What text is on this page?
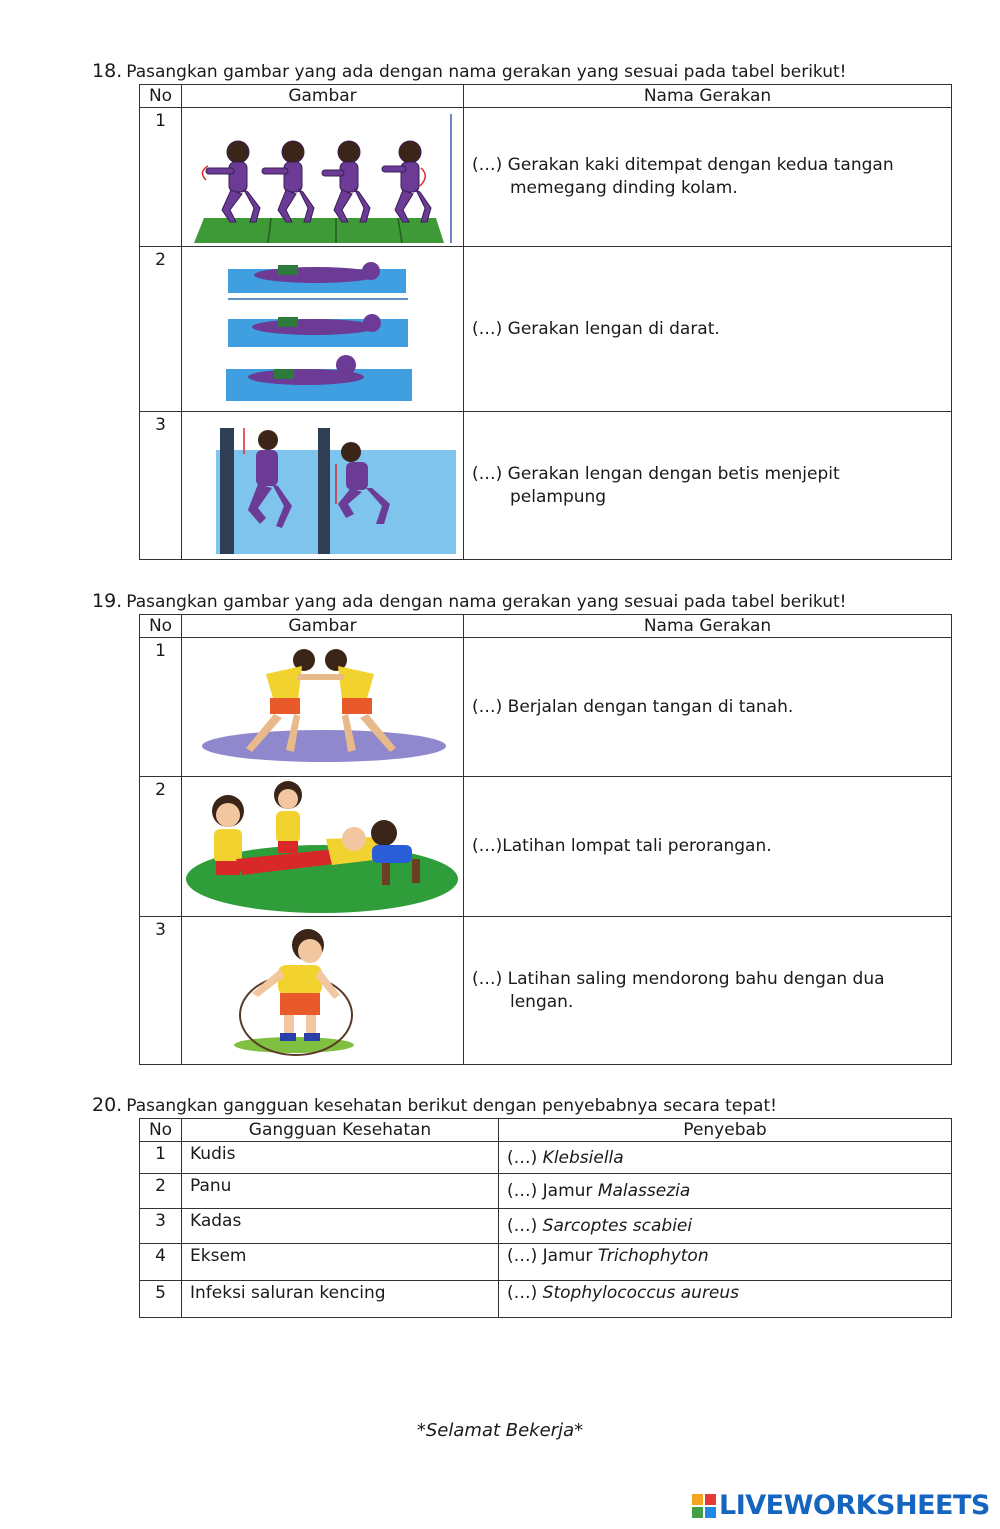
18. Pasangkan gambar yang ada dengan nama gerakan yang sesuai pada tabel berikut!
No	Gambar	Nama Gerakan

1		(…) Gerakan kaki ditempat dengan kedua tangan
memegang dinding kolam.

2		(…) Gerakan lengan di darat.

3		(…) Gerakan lengan dengan betis menjepit
pelampung
19. Pasangkan gambar yang ada dengan nama gerakan yang sesuai pada tabel berikut!
No	Gambar	Nama Gerakan

1		(…) Berjalan dengan tangan di tanah.

2		(…)Latihan lompat tali perorangan.

3		(…) Latihan saling mendorong bahu dengan dua
lengan.
20. Pasangkan gangguan kesehatan berikut dengan penyebabnya secara tepat!
No	Gangguan Kesehatan	Penyebab
1	Kudis	(…) Klebsiella
2	Panu	(…) Jamur Malassezia
3	Kadas	(…) Sarcoptes scabiei
4	Eksem	(…) Jamur Trichophyton
5	Infeksi saluran kencing	(…) Stophylococcus aureus
*Selamat Bekerja*
LIVEWORKSHEETS
